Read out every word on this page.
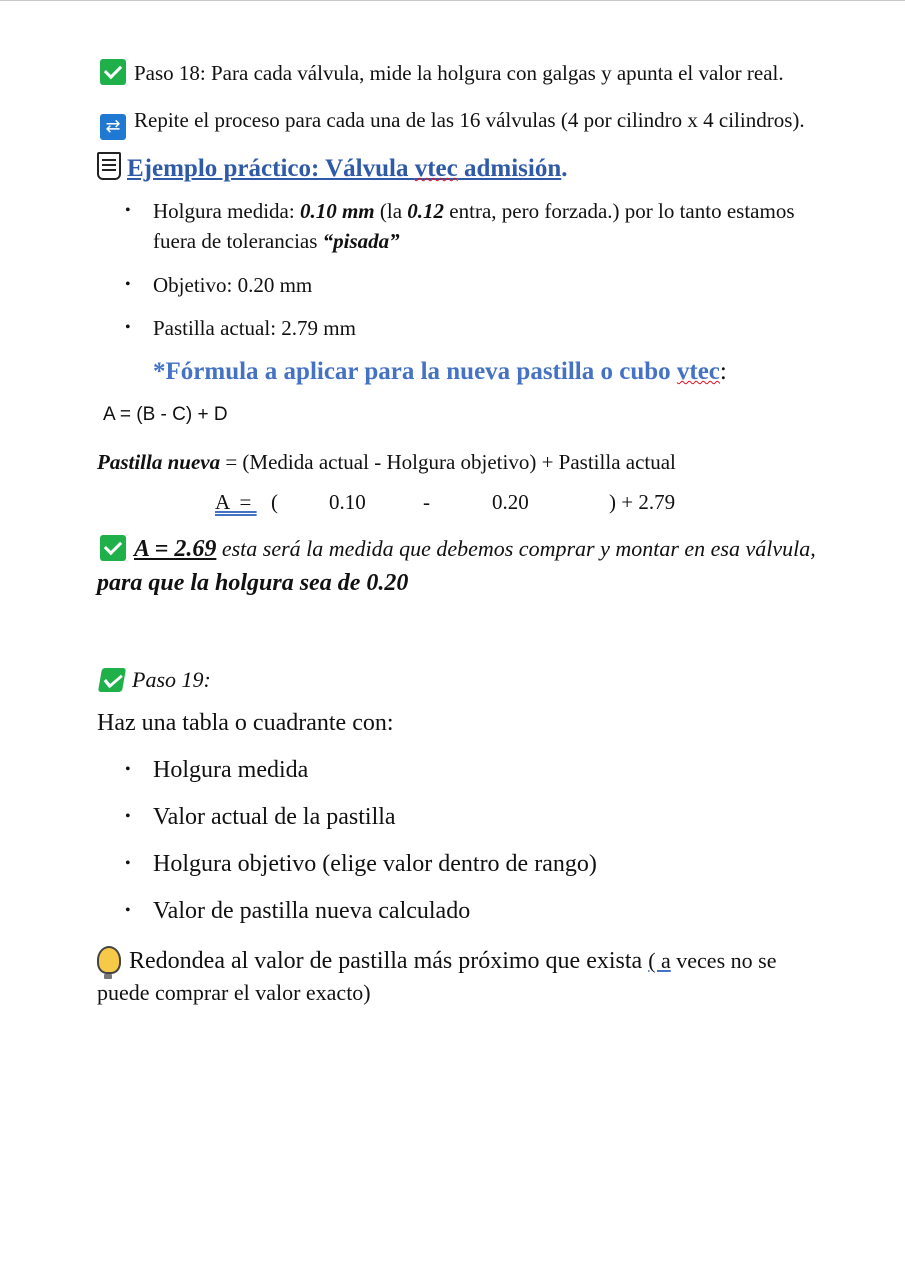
Paso 18: Para cada válvula, mide la holgura con galgas y apunta el valor real.

⇄ Repite el proceso para cada una de las 16 válvulas (4 por cilindro x 4 cilindros).

Ejemplo práctico: Válvula vtec admisión.

• Holgura medida: 0.10 mm (la 0.12 entra, pero forzada.) por lo tanto estamos fuera de tolerancias “pisada”
• Objetivo: 0.20 mm
• Pastilla actual: 2.79 mm

*Fórmula a aplicar para la nueva pastilla o cubo vtec:

A = (B - C) + D

Pastilla nueva = (Medida actual - Holgura objetivo) + Pastilla actual

A  = ( 0.10	-	0.20	) + 2.79

A = 2.69 esta será la medida que debemos comprar y montar en esa válvula, para que la holgura sea de 0.20

Paso 19:

Haz una tabla o cuadrante con:

• Holgura medida
• Valor actual de la pastilla
• Holgura objetivo (elige valor dentro de rango)
• Valor de pastilla nueva calculado

Redondea al valor de pastilla más próximo que exista ( a veces no se puede comprar el valor exacto)
